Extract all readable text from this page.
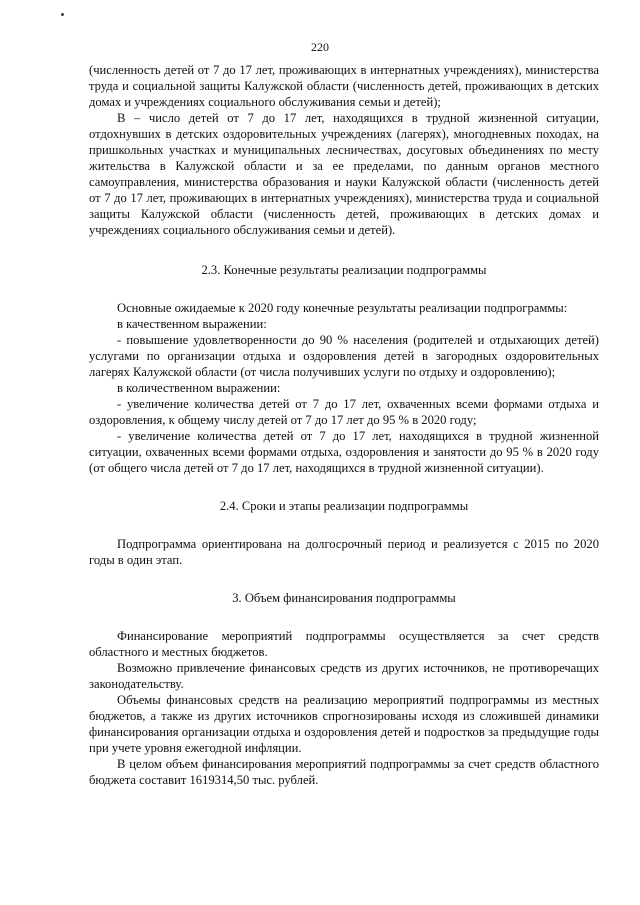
220

(численность детей от 7 до 17 лет, проживающих в интернатных учреждениях), министерства труда и социальной защиты Калужской области (численность детей, проживающих в детских домах и учреждениях социального обслуживания семьи и детей);

В – число детей от 7 до 17 лет, находящихся в трудной жизненной ситуации, отдохнувших в детских оздоровительных учреждениях (лагерях), многодневных походах, на пришкольных участках и муниципальных лесничествах, досуговых объединениях по месту жительства в Калужской области и за ее пределами, по данным органов местного самоуправления, министерства образования и науки Калужской области (численность детей от 7 до 17 лет, проживающих в интернатных учреждениях), министерства труда и социальной защиты Калужской области (численность детей, проживающих в детских домах и учреждениях социального обслуживания семьи и детей).

2.3. Конечные результаты реализации подпрограммы

Основные ожидаемые к 2020 году конечные результаты реализации подпрограммы:

в качественном выражении:

- повышение удовлетворенности до 90 % населения (родителей и отдыхающих детей) услугами по организации отдыха и оздоровления детей в загородных оздоровительных лагерях Калужской области (от числа получивших услуги по отдыху и оздоровлению);

в количественном выражении:

- увеличение количества детей от 7 до 17 лет, охваченных всеми формами отдыха и оздоровления, к общему числу детей от 7 до 17 лет до 95 % в 2020 году;

- увеличение количества детей от 7 до 17 лет, находящихся в трудной жизненной ситуации, охваченных всеми формами отдыха, оздоровления и занятости до 95 % в 2020 году (от общего числа детей от 7 до 17 лет, находящихся в трудной жизненной ситуации).

2.4. Сроки и этапы реализации подпрограммы

Подпрограмма ориентирована на долгосрочный период и реализуется с 2015 по 2020 годы в один этап.

3. Объем финансирования подпрограммы

Финансирование мероприятий подпрограммы осуществляется за счет средств областного и местных бюджетов.

Возможно привлечение финансовых средств из других источников, не противоречащих законодательству.

Объемы финансовых средств на реализацию мероприятий подпрограммы из местных бюджетов, а также из других источников спрогнозированы исходя из сложившей динамики финансирования организации отдыха и оздоровления детей и подростков за предыдущие годы при учете уровня ежегодной инфляции.

В целом объем финансирования мероприятий подпрограммы за счет средств областного бюджета составит 1619314,50 тыс. рублей.
